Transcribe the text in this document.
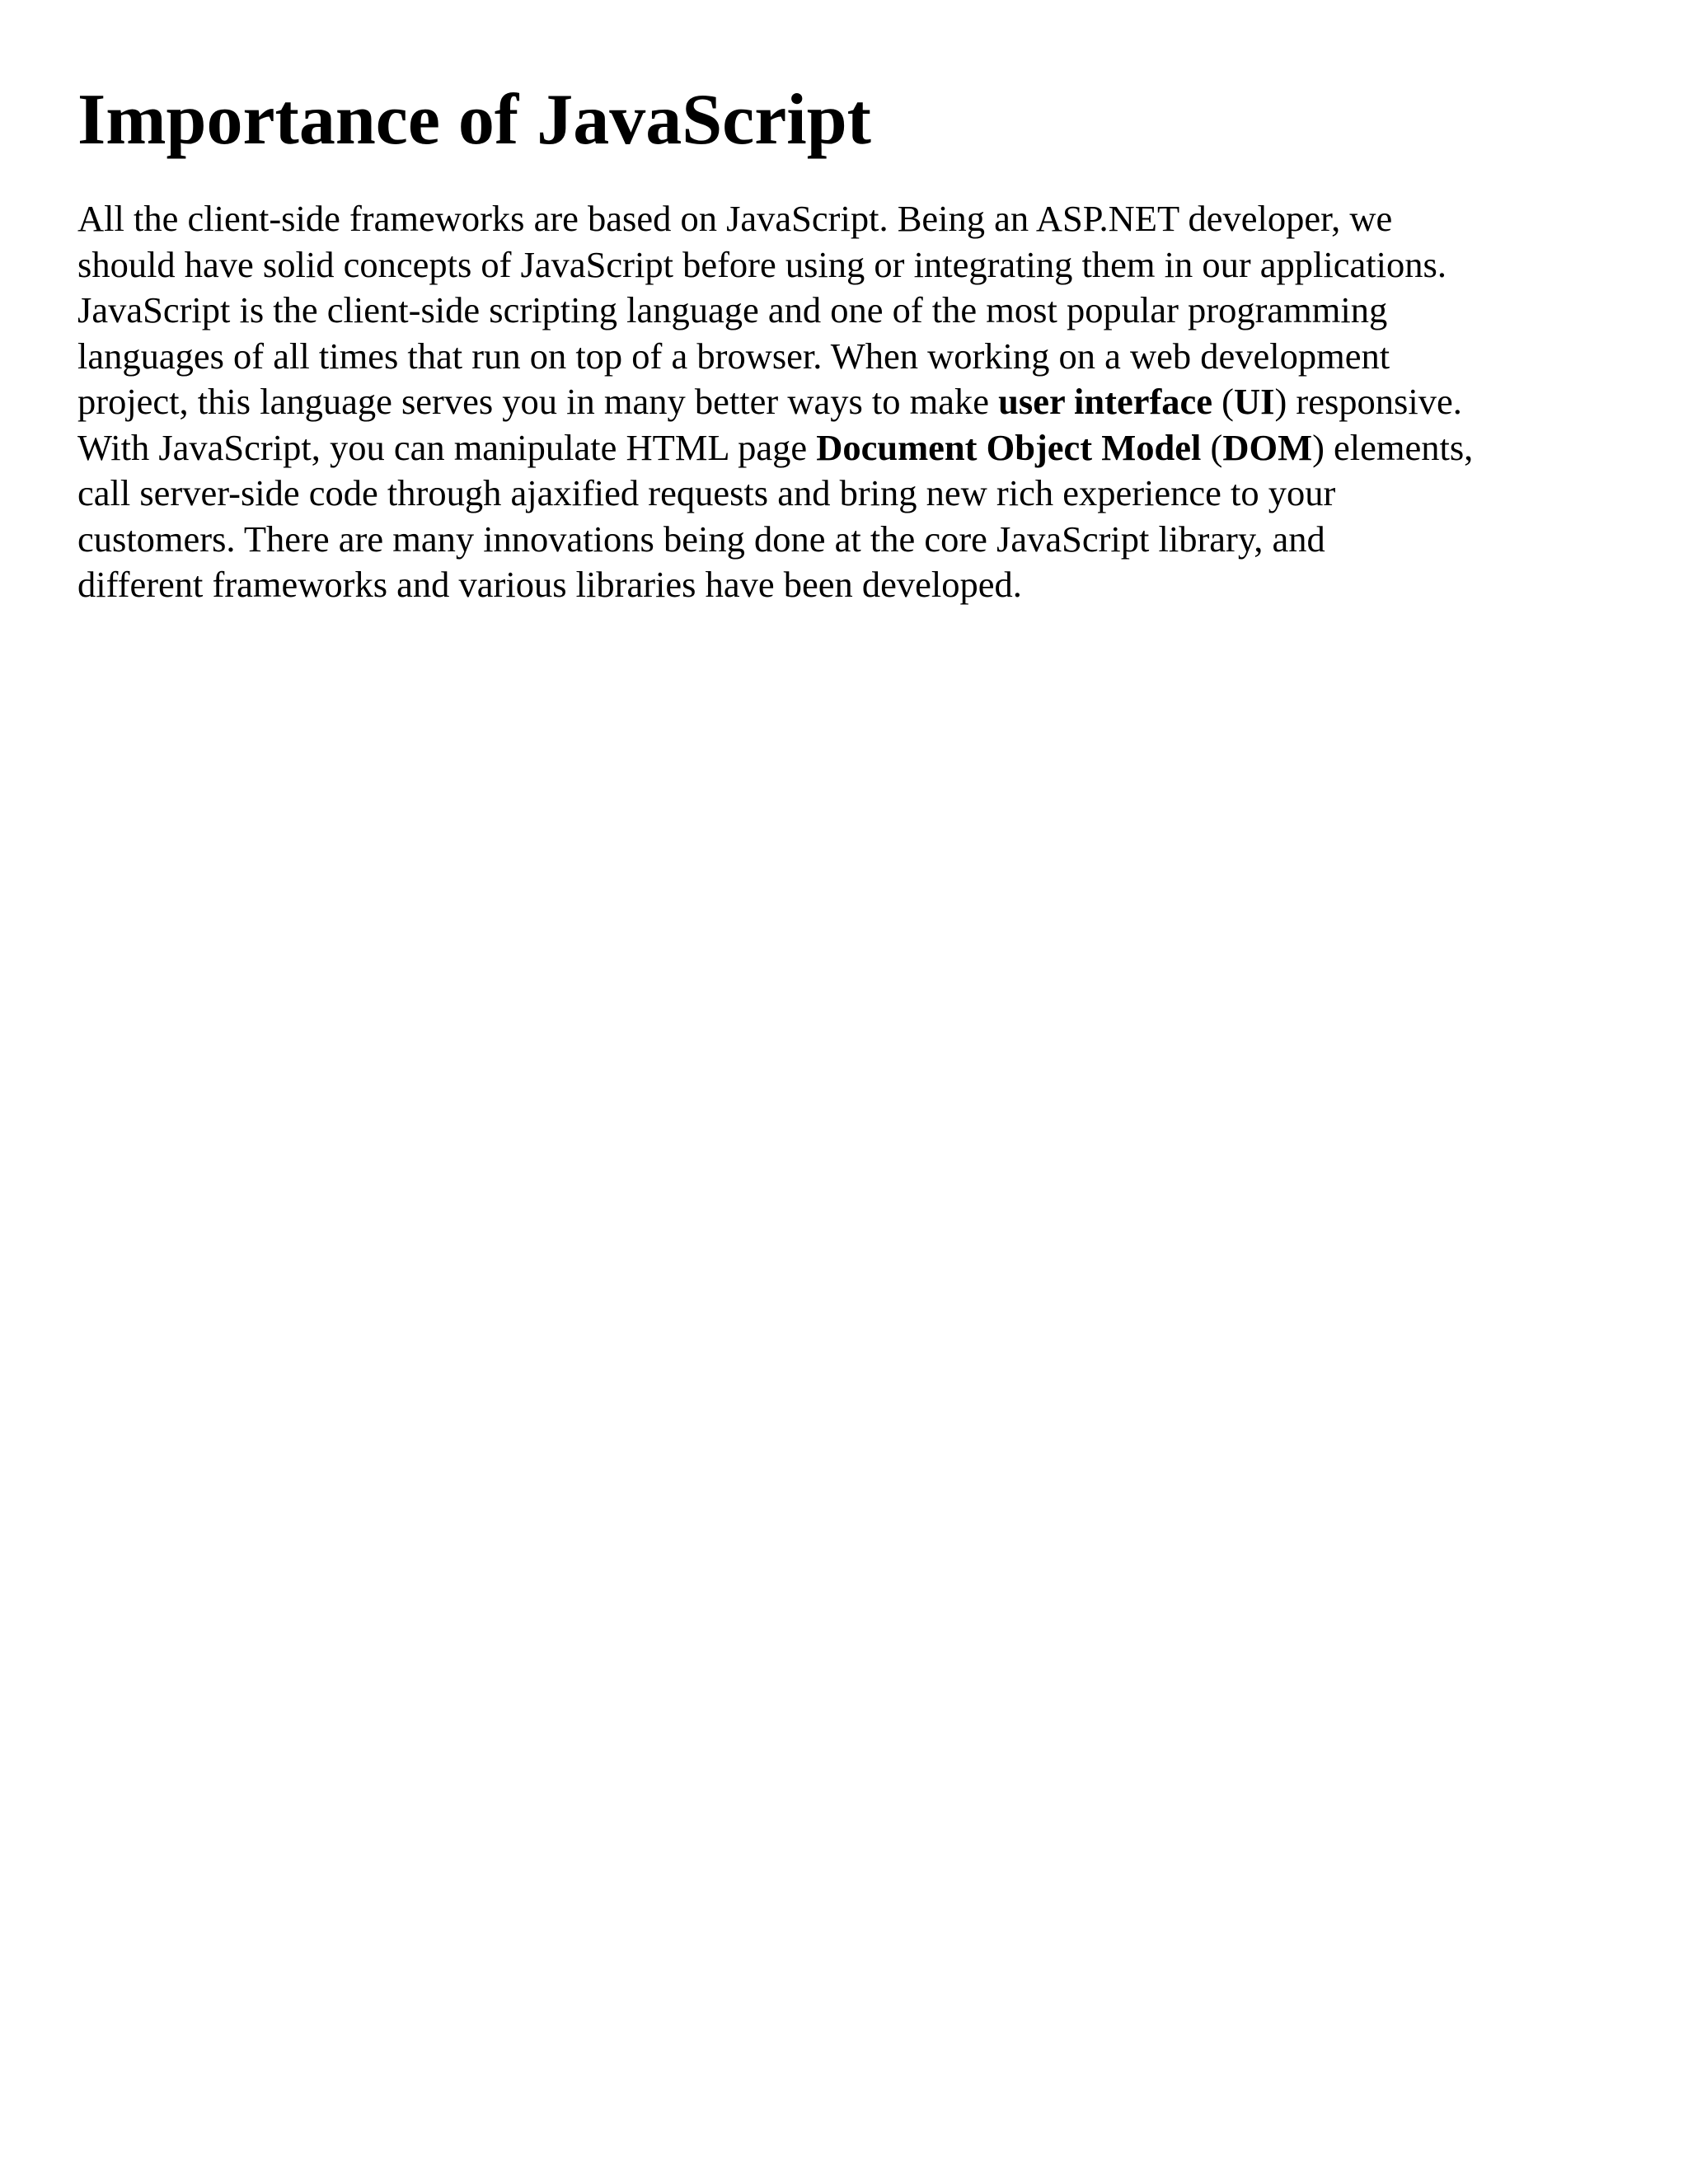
Importance of JavaScript

All the client-side frameworks are based on JavaScript. Being an ASP.NET developer, we
should have solid concepts of JavaScript before using or integrating them in our applications.
JavaScript is the client-side scripting language and one of the most popular programming
languages of all times that run on top of a browser. When working on a web development
project, this language serves you in many better ways to make user interface (UI) responsive.
With JavaScript, you can manipulate HTML page Document Object Model (DOM) elements,
call server-side code through ajaxified requests and bring new rich experience to your
customers. There are many innovations being done at the core JavaScript library, and
different frameworks and various libraries have been developed.
